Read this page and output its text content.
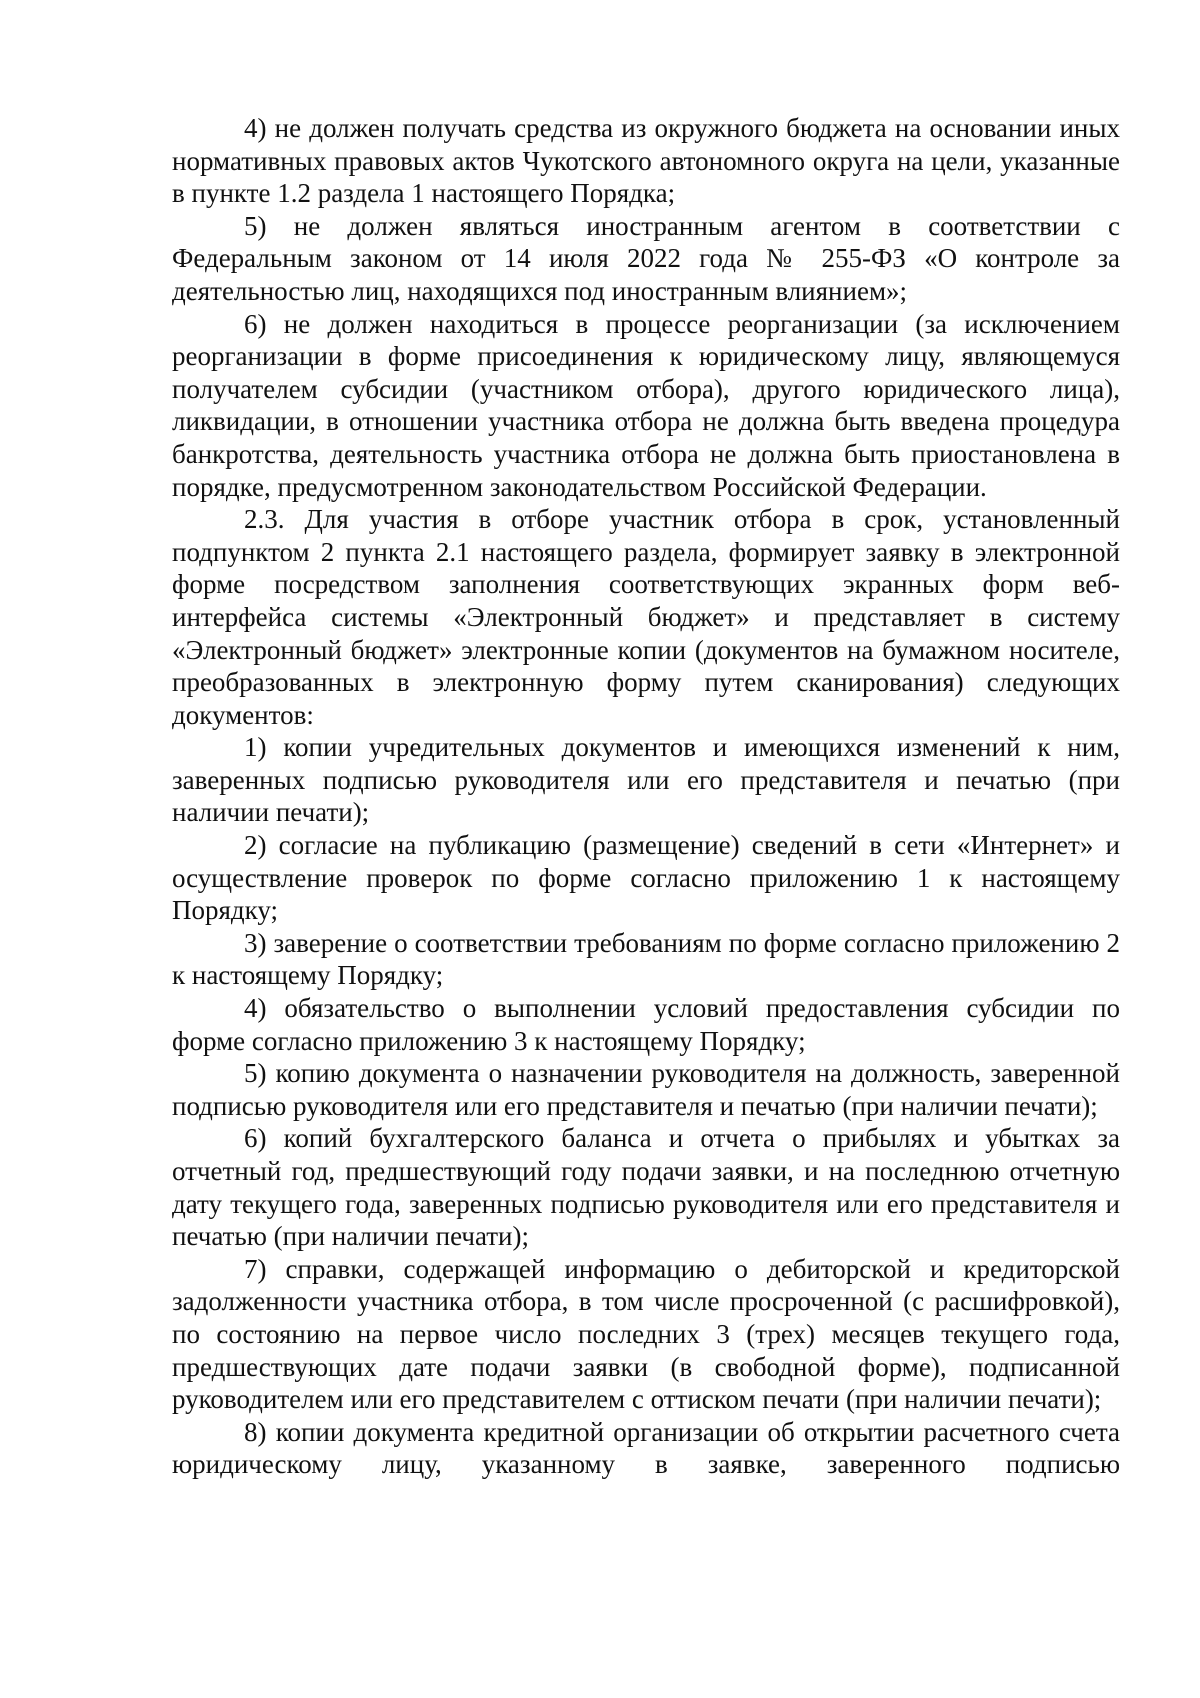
4) не должен получать средства из окружного бюджета на основании иных нормативных правовых актов Чукотского автономного округа на цели, указанные в пункте 1.2 раздела 1 настоящего Порядка;

5) не должен являться иностранным агентом в соответствии с Федеральным законом от 14 июля 2022 года № 255-ФЗ «О контроле за деятельностью лиц, находящихся под иностранным влиянием»;

6) не должен находиться в процессе реорганизации (за исключением реорганизации в форме присоединения к юридическому лицу, являющемуся получателем субсидии (участником отбора), другого юридического лица), ликвидации, в отношении участника отбора не должна быть введена процедура банкротства, деятельность участника отбора не должна быть приостановлена в порядке, предусмотренном законодательством Российской Федерации.

2.3. Для участия в отборе участник отбора в срок, установленный подпунктом 2 пункта 2.1 настоящего раздела, формирует заявку в электронной форме посредством заполнения соответствующих экранных форм веб-интерфейса системы «Электронный бюджет» и представляет в систему «Электронный бюджет» электронные копии (документов на бумажном носителе, преобразованных в электронную форму путем сканирования) следующих документов:

1) копии учредительных документов и имеющихся изменений к ним, заверенных подписью руководителя или его представителя и печатью (при наличии печати);

2) согласие на публикацию (размещение) сведений в сети «Интернет» и осуществление проверок по форме согласно приложению 1 к настоящему Порядку;

3) заверение о соответствии требованиям по форме согласно приложению 2 к настоящему Порядку;

4) обязательство о выполнении условий предоставления субсидии по форме согласно приложению 3 к настоящему Порядку;

5) копию документа о назначении руководителя на должность, заверенной подписью руководителя или его представителя и печатью (при наличии печати);

6) копий бухгалтерского баланса и отчета о прибылях и убытках за отчетный год, предшествующий году подачи заявки, и на последнюю отчетную дату текущего года, заверенных подписью руководителя или его представителя и печатью (при наличии печати);

7) справки, содержащей информацию о дебиторской и кредиторской задолженности участника отбора, в том числе просроченной (с расшифровкой), по состоянию на первое число последних 3 (трех) месяцев текущего года, предшествующих дате подачи заявки (в свободной форме), подписанной руководителем или его представителем с оттиском печати (при наличии печати);

8) копии документа кредитной организации об открытии расчетного счета юридическому лицу, указанному в заявке, заверенного подписью
